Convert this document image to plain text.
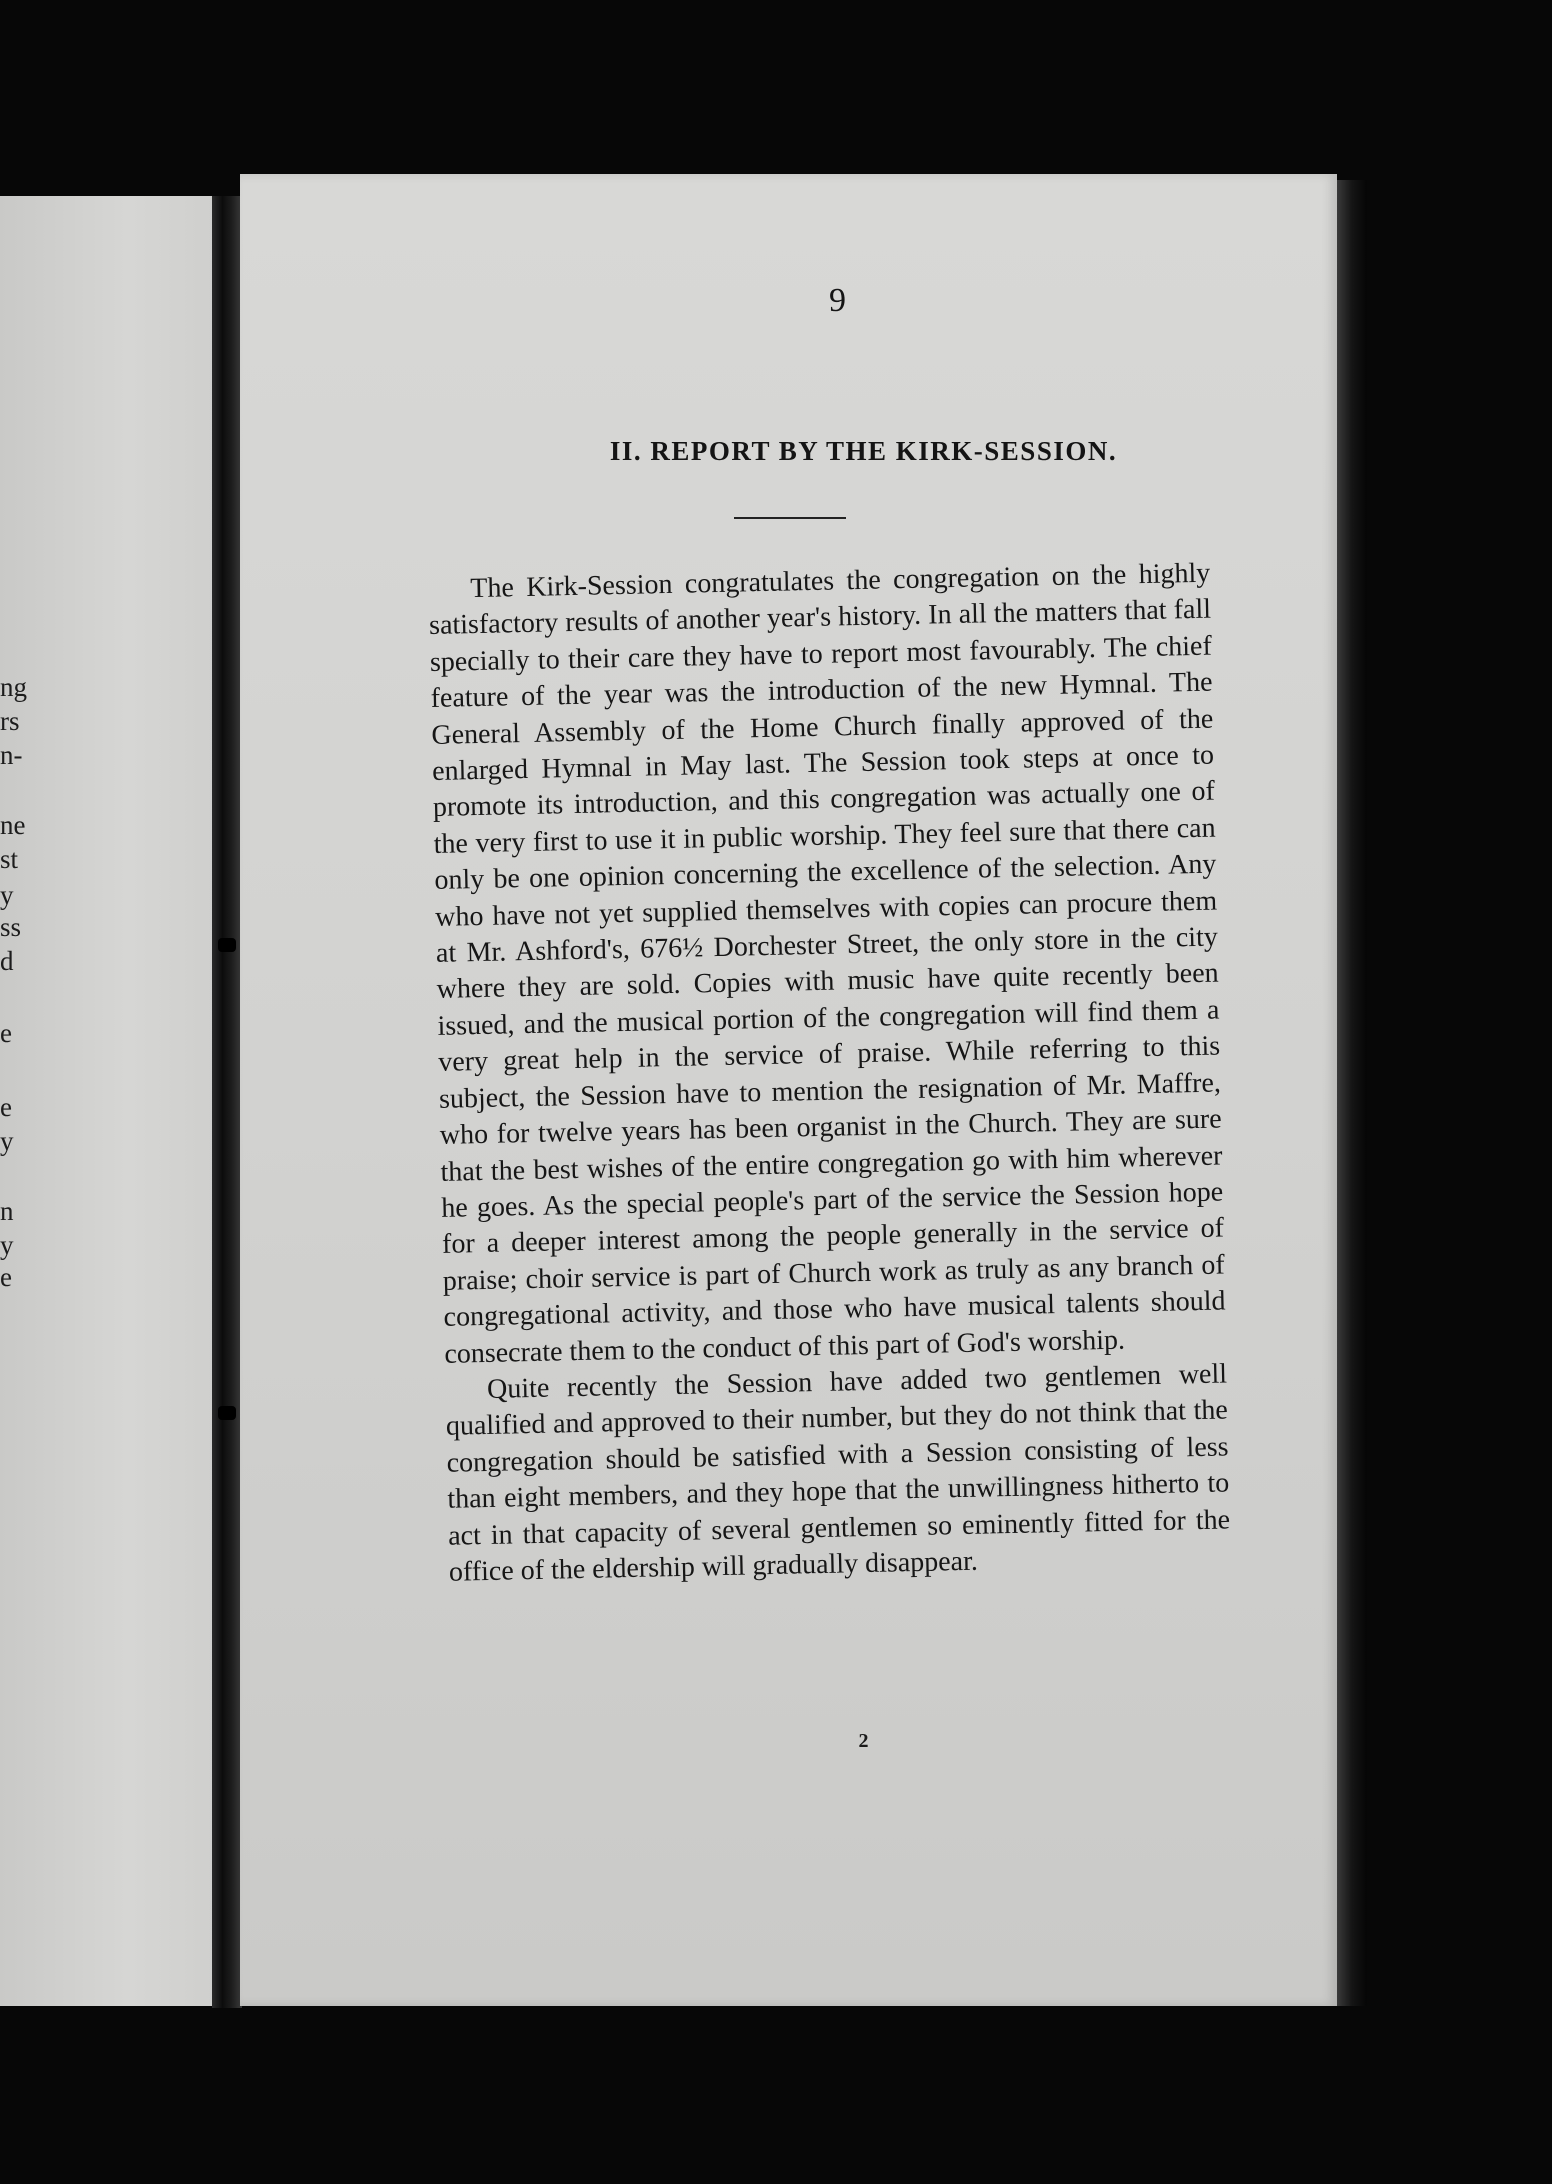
ng
rs
n-
ne
st
y
ss
d
e
e
y
n
y
e
9
II. REPORT BY THE KIRK-SESSION.

The Kirk-Session congratulates the congregation on the highly satisfactory results of another year's history. In all the matters that fall specially to their care they have to report most favourably. The chief feature of the year was the introduction of the new Hymnal. The General Assembly of the Home Church finally approved of the enlarged Hymnal in May last. The Session took steps at once to promote its introduction, and this congregation was actually one of the very first to use it in public worship. They feel sure that there can only be one opinion concerning the excellence of the selection. Any who have not yet supplied themselves with copies can procure them at Mr. Ashford's, 676½ Dorchester Street, the only store in the city where they are sold. Copies with music have quite recently been issued, and the musical portion of the congregation will find them a very great help in the service of praise. While referring to this subject, the Session have to mention the resignation of Mr. Maffre, who for twelve years has been organist in the Church. They are sure that the best wishes of the entire congregation go with him wherever he goes. As the special people's part of the service the Session hope for a deeper interest among the people generally in the service of praise; choir service is part of Church work as truly as any branch of congregational activity, and those who have musical talents should consecrate them to the conduct of this part of God's worship.

Quite recently the Session have added two gentlemen well qualified and approved to their number, but they do not think that the congregation should be satisfied with a Session consisting of less than eight members, and they hope that the unwillingness hitherto to act in that capacity of several gentlemen so eminently fitted for the office of the eldership will gradually disappear.

2
